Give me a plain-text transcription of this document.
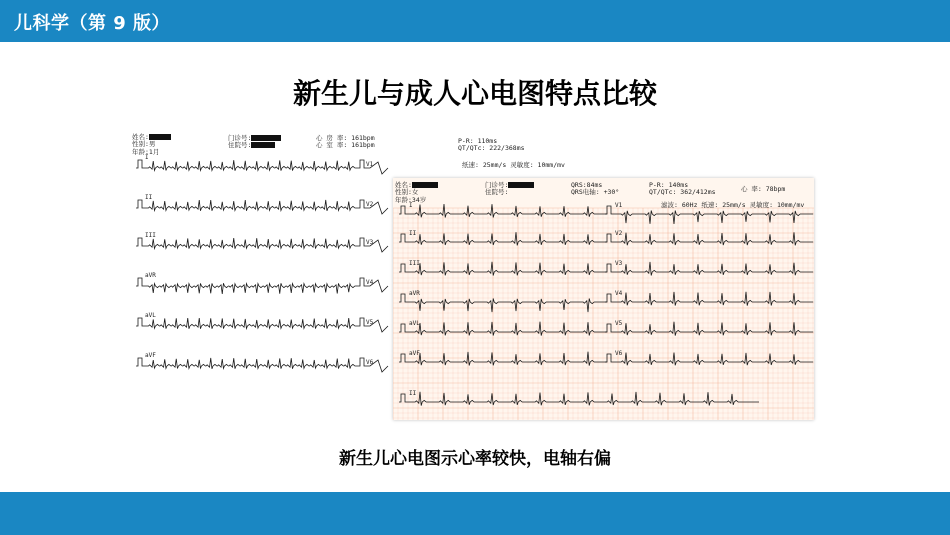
儿科学（第 9 版）
新生儿与成人心电图特点比较
姓名:
性别:男
年龄:1月
门诊号:
住院号:
心 房 率: 161bpm
心 室 率: 161bpm
I
V1
II
V2
III
V3
aVR
V4
aVL
V5
aVF
V6
I	V1
II	V2
III	V3
aVR	V4
aVL	V5
aVF	V6
II
姓名:
性别:女
年龄:34岁
门诊号:
住院号:
QRS:84ms
QRS电轴: +30°
P-R: 140ms
QT/QTc: 362/412ms	心 率: 78bpm
滤波: 60Hz 纸速: 25mm/s 灵敏度: 10mm/mv
P-R: 110ms
QT/QTc: 222/368ms
纸速: 25mm/s 灵敏度: 10mm/mv
新生儿心电图示心率较快，电轴右偏
